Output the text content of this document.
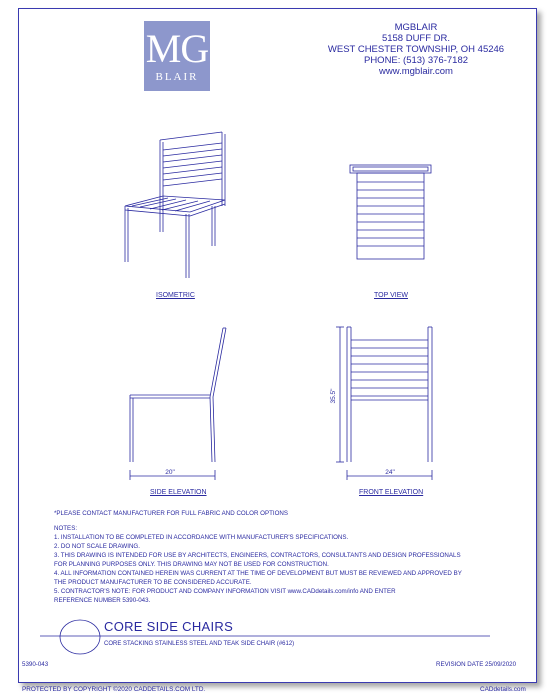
MG
BLAIR
MGBLAIR
5158 DUFF DR.
WEST CHESTER TOWNSHIP, OH 45246
PHONE: (513) 376-7182
www.mgblair.com
20"	24"
35.5"
ISOMETRIC	TOP VIEW
SIDE ELEVATION	FRONT ELEVATION
*PLEASE CONTACT MANUFACTURER FOR FULL FABRIC AND COLOR OPTIONS
NOTES:
1. INSTALLATION TO BE COMPLETED IN ACCORDANCE WITH MANUFACTURER'S SPECIFICATIONS.
2. DO NOT SCALE DRAWING.
3. THIS DRAWING IS INTENDED FOR USE BY ARCHITECTS, ENGINEERS, CONTRACTORS, CONSULTANTS AND DESIGN PROFESSIONALS
FOR PLANNING PURPOSES ONLY. THIS DRAWING MAY NOT BE USED FOR CONSTRUCTION.
4. ALL INFORMATION CONTAINED HEREIN WAS CURRENT AT THE TIME OF DEVELOPMENT BUT MUST BE REVIEWED AND APPROVED BY
THE PRODUCT MANUFACTURER TO BE CONSIDERED ACCURATE.
5. CONTRACTOR'S NOTE: FOR PRODUCT AND COMPANY INFORMATION VISIT www.CADdetails.com/info AND ENTER
REFERENCE NUMBER 5390-043.
CORE SIDE CHAIRS
CORE STACKING STAINLESS STEEL AND TEAK SIDE CHAIR (#612)
5390-043	REVISION DATE 25/09/2020
PROTECTED BY COPYRIGHT ©2020 CADDETAILS.COM LTD.	CADdetails.com
